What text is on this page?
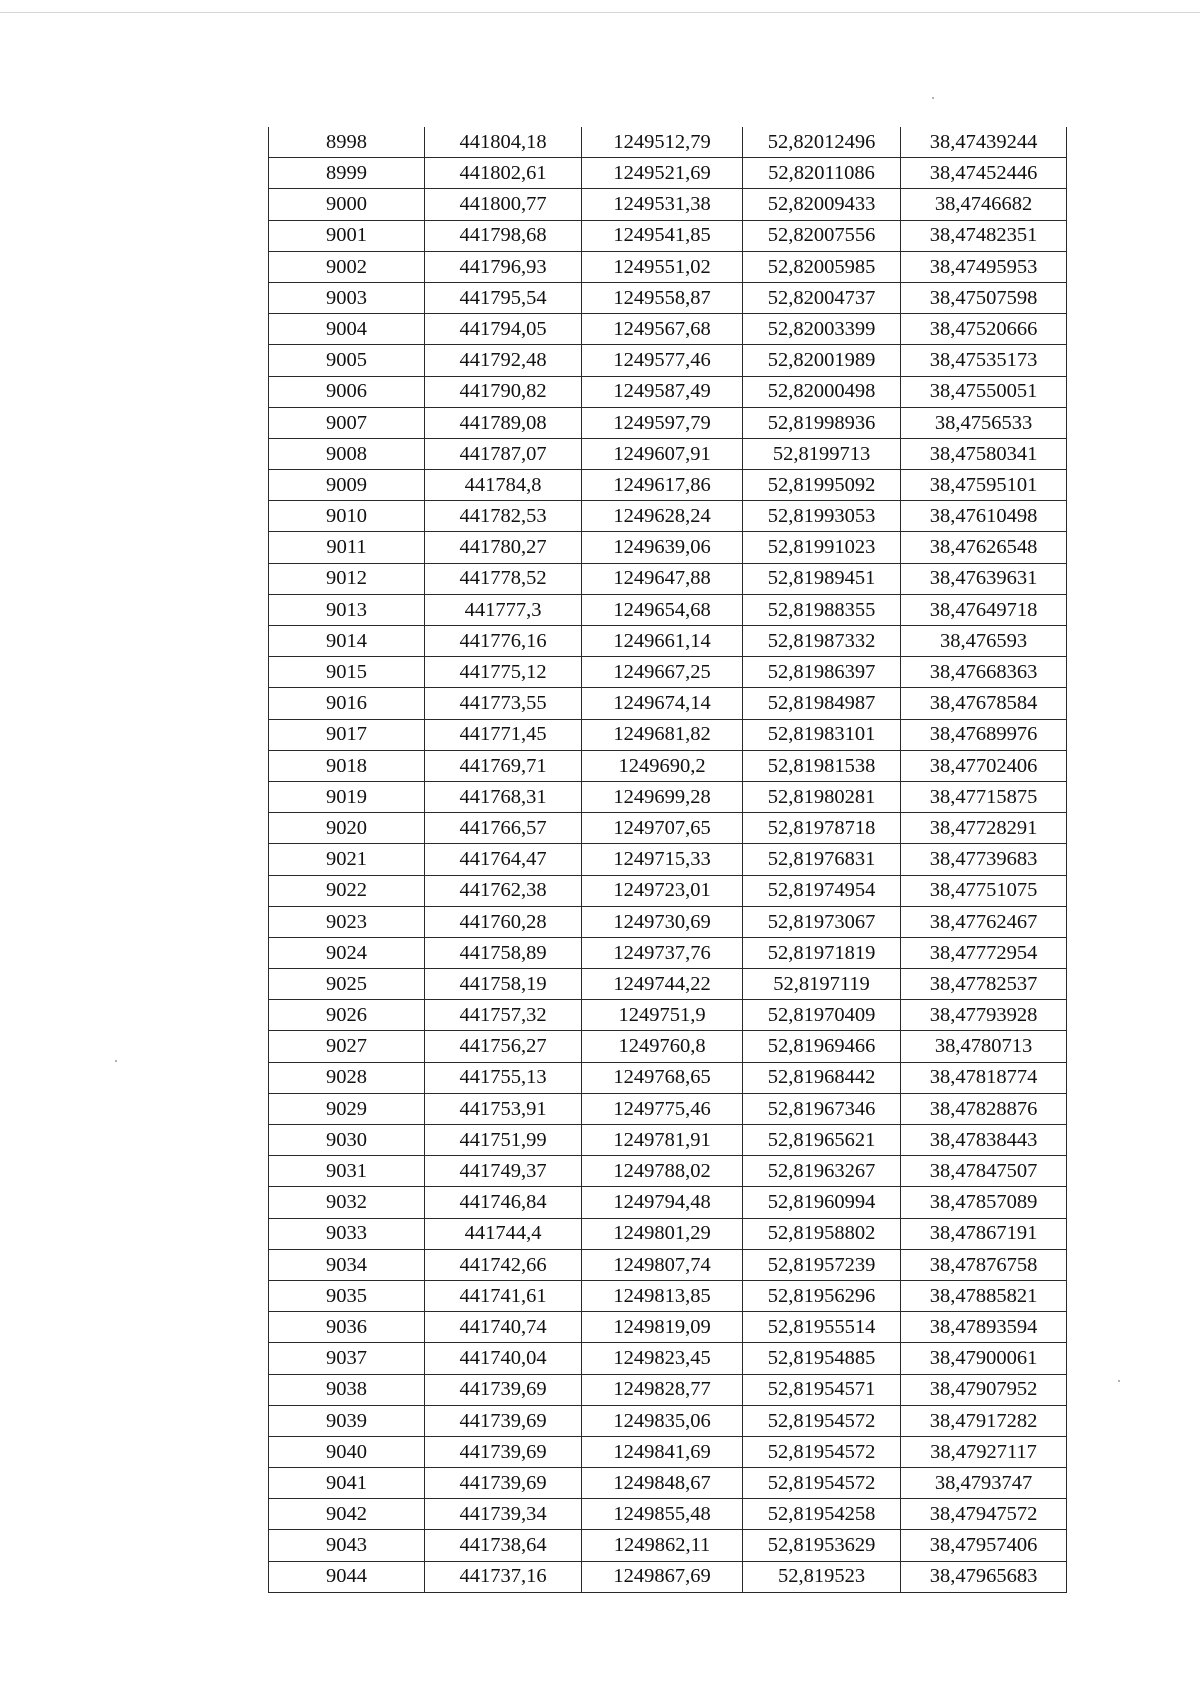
8998	441804,18	1249512,79	52,82012496	38,47439244
8999	441802,61	1249521,69	52,82011086	38,47452446
9000	441800,77	1249531,38	52,82009433	38,4746682
9001	441798,68	1249541,85	52,82007556	38,47482351
9002	441796,93	1249551,02	52,82005985	38,47495953
9003	441795,54	1249558,87	52,82004737	38,47507598
9004	441794,05	1249567,68	52,82003399	38,47520666
9005	441792,48	1249577,46	52,82001989	38,47535173
9006	441790,82	1249587,49	52,82000498	38,47550051
9007	441789,08	1249597,79	52,81998936	38,4756533
9008	441787,07	1249607,91	52,8199713	38,47580341
9009	441784,8	1249617,86	52,81995092	38,47595101
9010	441782,53	1249628,24	52,81993053	38,47610498
9011	441780,27	1249639,06	52,81991023	38,47626548
9012	441778,52	1249647,88	52,81989451	38,47639631
9013	441777,3	1249654,68	52,81988355	38,47649718
9014	441776,16	1249661,14	52,81987332	38,476593
9015	441775,12	1249667,25	52,81986397	38,47668363
9016	441773,55	1249674,14	52,81984987	38,47678584
9017	441771,45	1249681,82	52,81983101	38,47689976
9018	441769,71	1249690,2	52,81981538	38,47702406
9019	441768,31	1249699,28	52,81980281	38,47715875
9020	441766,57	1249707,65	52,81978718	38,47728291
9021	441764,47	1249715,33	52,81976831	38,47739683
9022	441762,38	1249723,01	52,81974954	38,47751075
9023	441760,28	1249730,69	52,81973067	38,47762467
9024	441758,89	1249737,76	52,81971819	38,47772954
9025	441758,19	1249744,22	52,8197119	38,47782537
9026	441757,32	1249751,9	52,81970409	38,47793928
9027	441756,27	1249760,8	52,81969466	38,4780713
9028	441755,13	1249768,65	52,81968442	38,47818774
9029	441753,91	1249775,46	52,81967346	38,47828876
9030	441751,99	1249781,91	52,81965621	38,47838443
9031	441749,37	1249788,02	52,81963267	38,47847507
9032	441746,84	1249794,48	52,81960994	38,47857089
9033	441744,4	1249801,29	52,81958802	38,47867191
9034	441742,66	1249807,74	52,81957239	38,47876758
9035	441741,61	1249813,85	52,81956296	38,47885821
9036	441740,74	1249819,09	52,81955514	38,47893594
9037	441740,04	1249823,45	52,81954885	38,47900061
9038	441739,69	1249828,77	52,81954571	38,47907952
9039	441739,69	1249835,06	52,81954572	38,47917282
9040	441739,69	1249841,69	52,81954572	38,47927117
9041	441739,69	1249848,67	52,81954572	38,4793747
9042	441739,34	1249855,48	52,81954258	38,47947572
9043	441738,64	1249862,11	52,81953629	38,47957406
9044	441737,16	1249867,69	52,819523	38,47965683
